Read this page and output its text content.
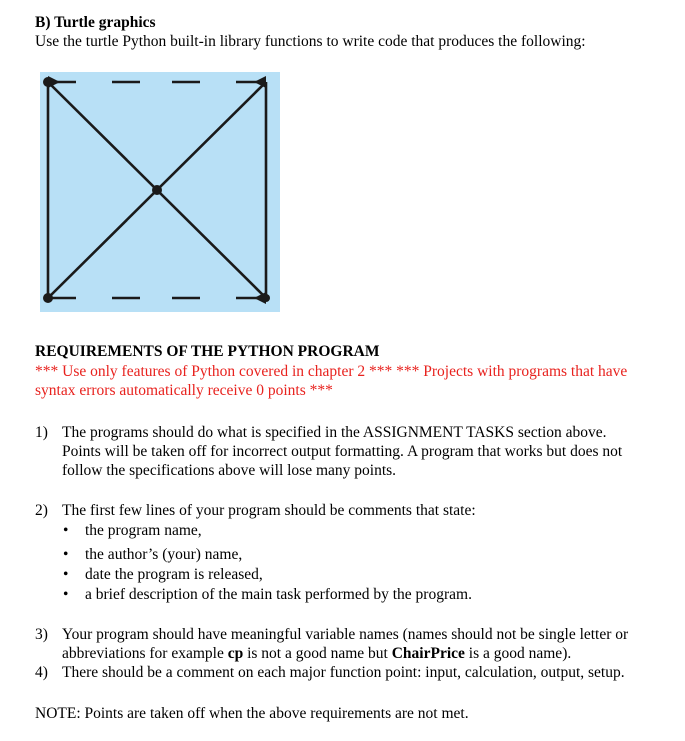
B) Turtle graphics
Use the turtle Python built-in library functions to write code that produces the following:
REQUIREMENTS OF THE PYTHON PROGRAM
*** Use only features of Python covered in chapter 2 *** *** Projects with programs that have
syntax errors automatically receive 0 points ***
1) The programs should do what is specified in the ASSIGNMENT TASKS section above.
Points will be taken off for incorrect output formatting. A program that works but does not
follow the specifications above will lose many points.
2) The first few lines of your program should be comments that state:
• the program name,
• the author’s (your) name,
• date the program is released,
• a brief description of the main task performed by the program.
3) Your program should have meaningful variable names (names should not be single letter or
abbreviations for example cp is not a good name but ChairPrice is a good name).
4) There should be a comment on each major function point: input, calculation, output, setup.
NOTE: Points are taken off when the above requirements are not met.
